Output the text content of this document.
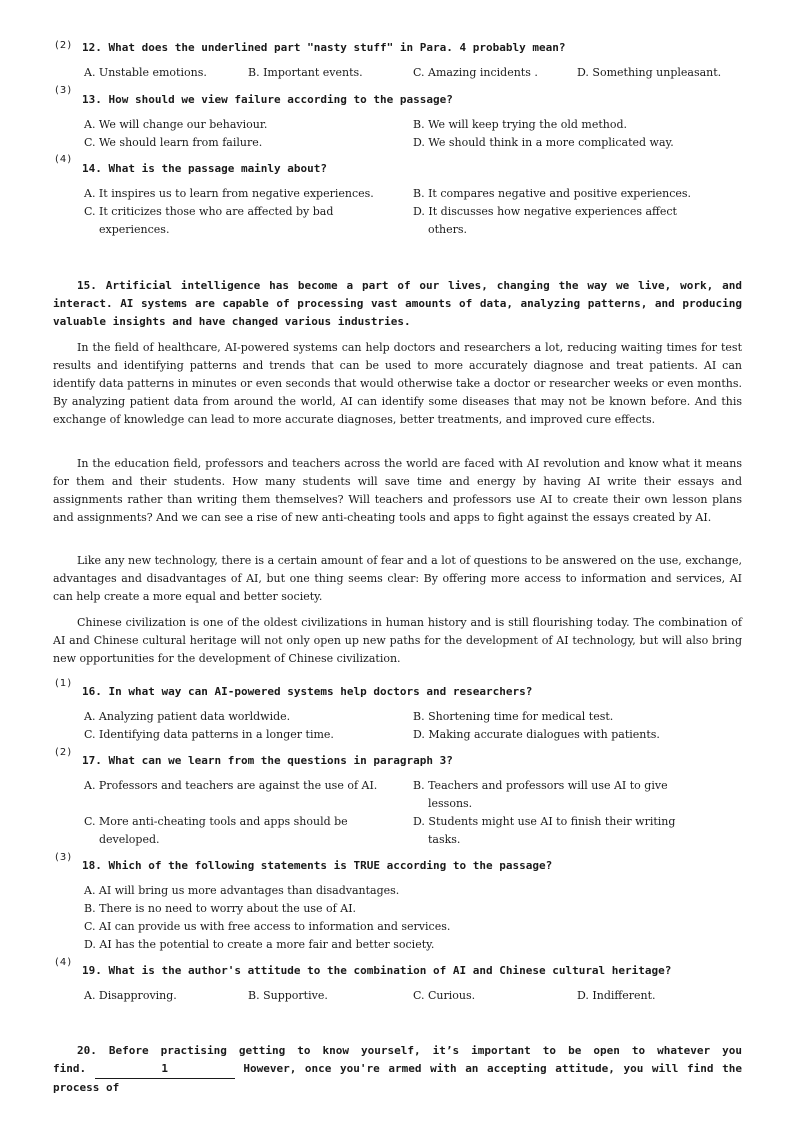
(2) 12. What does the underlined part "nasty stuff" in Para. 4 probably mean?
A. Unstable emotions.	B. Important events.	C. Amazing incidents .	D. Something unpleasant.
(3)
13. How should we view failure according to the passage?
A. We will change our behaviour.	B. We will keep trying the old method.
C. We should learn from failure.	D. We should think in a more complicated way.
(4)
14. What is the passage mainly about?
A. It inspires us to learn from negative experiences.	B. It compares negative and positive experiences.
C. It criticizes those who are affected by bad
experiences.
D. It discusses how negative experiences affect
others.
15. Artificial intelligence has become a part of our lives, changing the way we live, work, and interact. AI systems are capable of processing vast amounts of data, analyzing patterns, and producing valuable insights and have changed various industries.
In the field of healthcare, AI-powered systems can help doctors and researchers a lot, reducing waiting times for test results and identifying patterns and trends that can be used to more accurately diagnose and treat patients. AI can identify data patterns in minutes or even seconds that would otherwise take a doctor or researcher weeks or even months. By analyzing patient data from around the world, AI can identify some diseases that may not be known before. And this exchange of knowledge can lead to more accurate diagnoses, better treatments, and improved cure effects.
In the education field, professors and teachers across the world are faced with AI revolution and know what it means for them and their students. How many students will save time and energy by having AI write their essays and assignments rather than writing them themselves? Will teachers and professors use AI to create their own lesson plans and assignments? And we can see a rise of new anti-cheating tools and apps to fight against the essays created by AI.
Like any new technology, there is a certain amount of fear and a lot of questions to be answered on the use, exchange, advantages and disadvantages of AI, but one thing seems clear: By offering more access to information and services, AI can help create a more equal and better society.
Chinese civilization is one of the oldest civilizations in human history and is still flourishing today. The combination of AI and Chinese cultural heritage will not only open up new paths for the development of AI technology, but will also bring new opportunities for the development of Chinese civilization.
(1)
16. In what way can AI-powered systems help doctors and researchers?
A. Analyzing patient data worldwide.	B. Shortening time for medical test.
C. Identifying data patterns in a longer time.	D. Making accurate dialogues with patients.
(2)
17. What can we learn from the questions in paragraph 3?
A. Professors and teachers are against the use of AI.	B. Teachers and professors will use AI to give
lessons.
C. More anti-cheating tools and apps should be
developed.
D. Students might use AI to finish their writing
tasks.
(3)
18. Which of the following statements is TRUE according to the passage?
A. AI will bring us more advantages than disadvantages.
B. There is no need to worry about the use of AI.
C. AI can provide us with free access to information and services.
D. AI has the potential to create a more fair and better society.
(4)
19. What is the author's attitude to the combination of AI and Chinese cultural heritage?
A. Disapproving.	B. Supportive.	C. Curious.	D. Indifferent.
20. Before practising getting to know yourself, it’s important to be open to whatever you
find.	1	However, once you're armed with an accepting attitude, you will find the process of
